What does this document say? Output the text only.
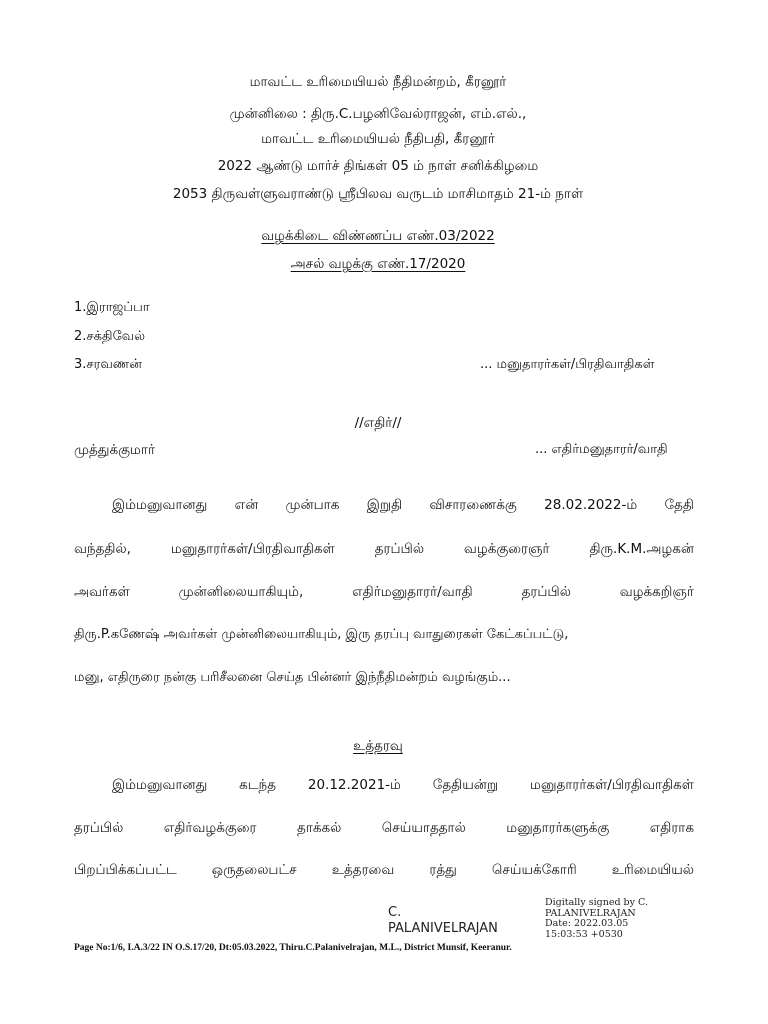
மாவட்ட உரிமையியல் நீதிமன்றம், கீரனூர்
முன்னிலை : திரு.C.பழனிவேல்ராஜன், எம்.எல்.,
மாவட்ட உரிமையியல் நீதிபதி, கீரனூர்
2022 ஆண்டு மார்ச் திங்கள் 05 ம் நாள் சனிக்கிழமை
2053 திருவள்ளுவராண்டு ஸ்ரீபிலவ வருடம் மாசிமாதம் 21-ம் நாள்
வழக்கிடை விண்ணப்ப எண்.03/2022
அசல் வழக்கு எண்.17/2020
1.இராஜப்பா
2.சக்திவேல்
3.சரவணன்	... மனுதாரர்கள்/பிரதிவாதிகள்
//எதிர்//
முத்துக்குமார்	... எதிர்மனுதாரர்/வாதி
இம்மனுவானது என் முன்பாக இறுதி விசாரணைக்கு 28.02.2022-ம் தேதி
வந்ததில்,	மனுதாரர்கள்/பிரதிவாதிகள்	தரப்பில்	வழக்குரைஞர்	திரு.K.M.அழகன்
அவர்கள்	முன்னிலையாகியும்,	எதிர்மனுதாரர்/வாதி	தரப்பில்	வழக்கறிஞர்
திரு.P.கணேஷ் அவர்கள் முன்னிலையாகியும், இரு தரப்பு வாதுரைகள் கேட்கப்பட்டு,
மனு, எதிருரை நன்கு பரிசீலனை செய்த பின்னர் இந்நீதிமன்றம் வழங்கும்...
உத்தரவு
இம்மனுவானது கடந்த 20.12.2021-ம் தேதியன்று மனுதாரர்கள்/பிரதிவாதிகள்
தரப்பில்	எதிர்வழக்குரை	தாக்கல்	செய்யாததால்	மனுதாரர்களுக்கு	எதிராக
பிறப்பிக்கப்பட்ட	ஒருதலைபட்ச	உத்தரவை	ரத்து	செய்யக்கோரி	உரிமையியல்
C.
PALANIVELRAJAN
Digitally signed by C.
PALANIVELRAJAN
Date: 2022.03.05
15:03:53 +0530
Page No:1/6, I.A.3/22 IN O.S.17/20, Dt:05.03.2022, Thiru.C.Palanivelrajan, M.L., District Munsif, Keeranur.
